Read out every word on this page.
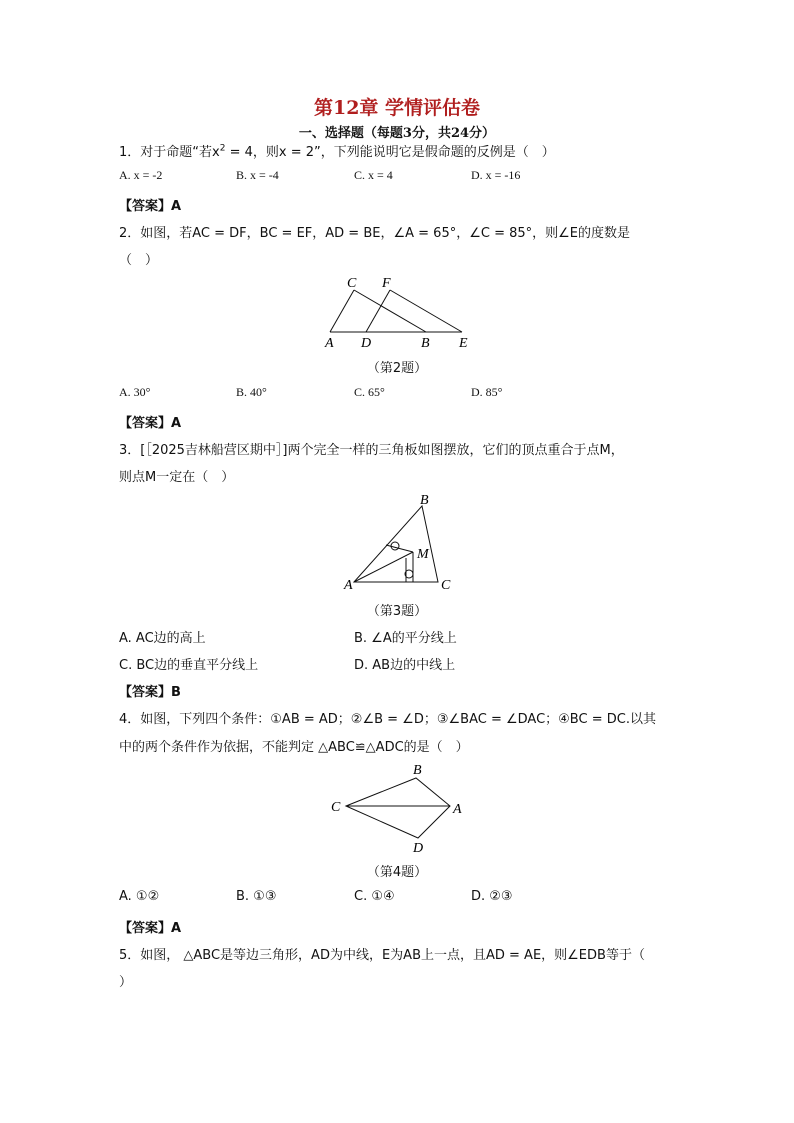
第12章 学情评估卷
一、选择题（每题3分，共24分）
1．对于命题“若$x^2 = 4$，则x = 2”，下列能说明它是假命题的反例是（　）
A. x = -2	B. x = -4	C. x = 4	D. x = -16
【答案】A
2．如图，若AC = DF，BC = EF，AD = BE，∠A = 65°，∠C = 85°，则∠E的度数是
（　）
C F
A D	B E
（第2题）
A. 30°	B. 40°	C. 65°	D. 85°
【答案】A
3．[［2025吉林船营区期中］]两个完全一样的三角板如图摆放，它们的顶点重合于点M，
则点M一定在（　）
B
M
A	C
（第3题）
A. AC边的高上	B. ∠A的平分线上
C. BC边的垂直平分线上	D. AB边的中线上
【答案】B
4．如图，下列四个条件：①AB = AD；②∠B = ∠D；③∠BAC = ∠DAC；④BC = DC.以其
中的两个条件作为依据，不能判定 △ABC≌△ADC的是（　）
B
C	A
D
（第4题）
A. ①②	B. ①③	C. ①④	D. ②③
【答案】A
5．如图， △ABC是等边三角形，AD为中线，E为AB上一点，且AD = AE，则∠EDB等于（
）
